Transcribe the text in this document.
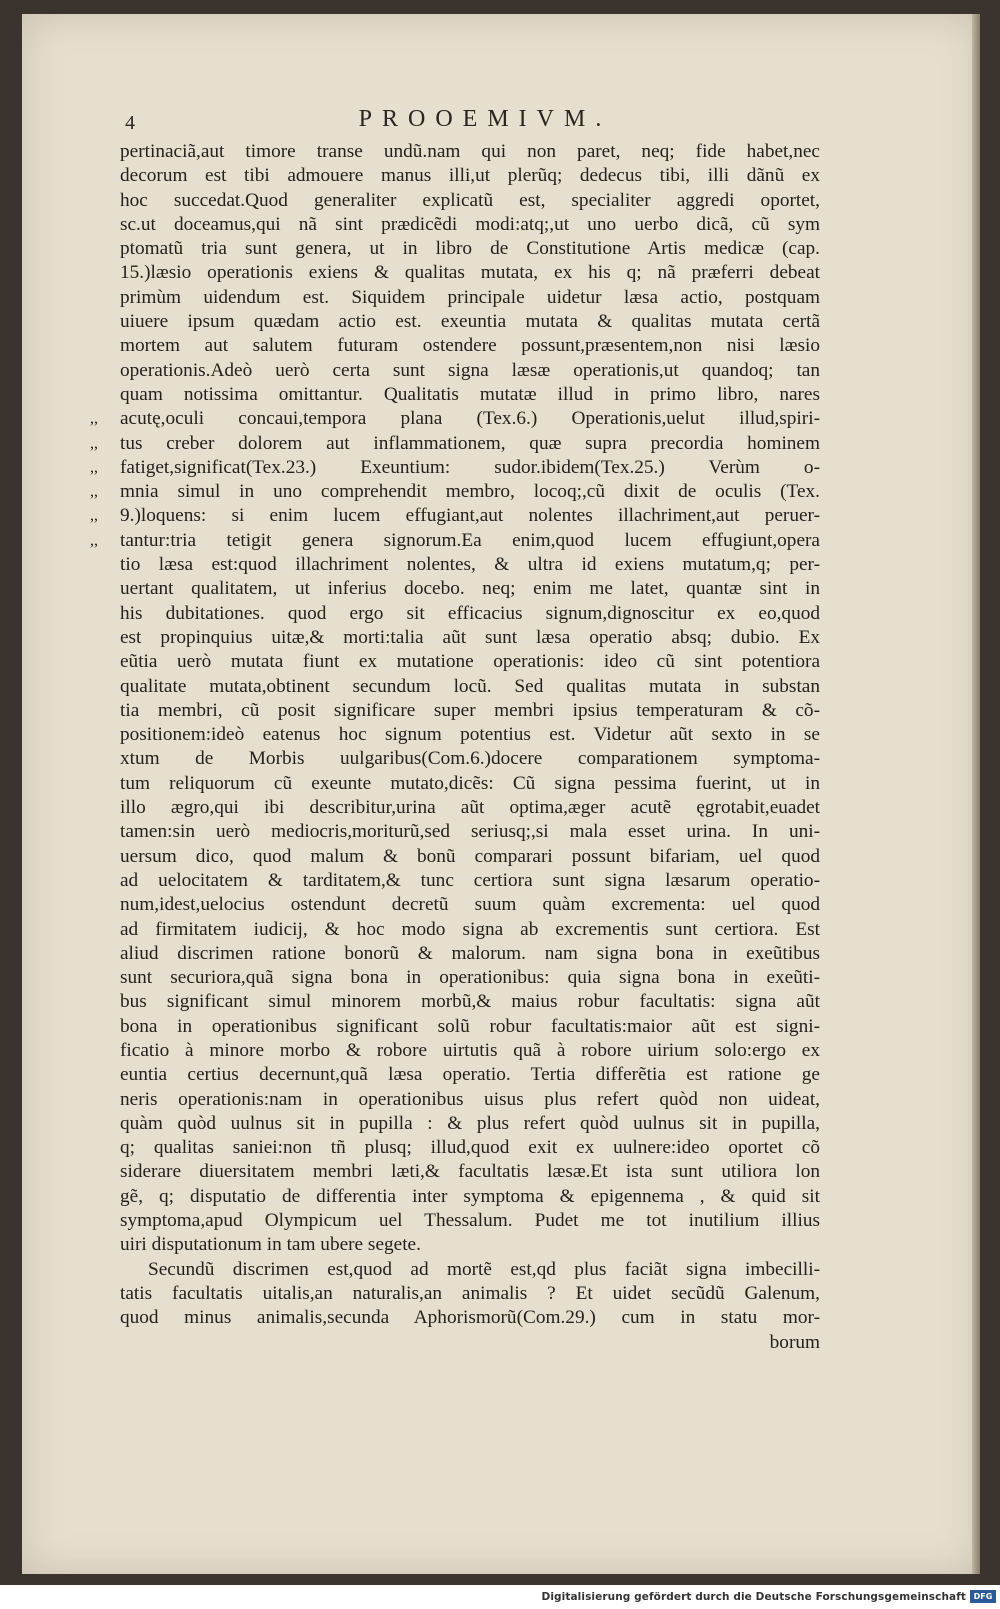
4	PROOEMIVM.
pertinaciã,aut timore transe undũ.nam qui non paret, neq; fide habet,nec
decorum est tibi admouere manus illi,ut plerũq; dedecus tibi, illi dãnũ ex
hoc succedat.Quod generaliter explicatũ est, specialiter aggredi oportet,
sc.ut doceamus,qui nã sint prædicẽdi modi:atq;,ut uno uerbo dicã, cũ sym
ptomatũ tria sunt genera, ut in libro de Constitutione Artis medicæ (cap.
15.)læsio operationis exiens & qualitas mutata, ex his q; nã præferri debeat
primùm uidendum est. Siquidem principale uidetur læsa actio, postquam
uiuere ipsum quædam actio est. exeuntia mutata & qualitas mutata certã
mortem aut salutem futuram ostendere possunt,præsentem,non nisi læsio
operationis.Adeò uerò certa sunt signa læsæ operationis,ut quandoq; tan
quam notissima omittantur. Qualitatis mutatæ illud in primo libro, nares
,, acutę,oculi concaui,tempora plana (Tex.6.) Operationis,uelut illud,spiri-
,, tus creber dolorem aut inflammationem, quæ supra precordia hominem
,, fatiget,significat(Tex.23.) Exeuntium: sudor.ibidem(Tex.25.) Verùm o-
,, mnia simul in uno comprehendit membro, locoq;,cũ dixit de oculis (Tex.
,, 9.)loquens: si enim lucem effugiant,aut nolentes illachriment,aut peruer-
,, tantur:tria tetigit genera signorum.Ea enim,quod lucem effugiunt,opera
tio læsa est:quod illachriment nolentes, & ultra id exiens mutatum,q; per-
uertant qualitatem, ut inferius docebo. neq; enim me latet, quantæ sint in
his dubitationes. quod ergo sit efficacius signum,dignoscitur ex eo,quod
est propinquius uitæ,& morti:talia aũt sunt læsa operatio absq; dubio. Ex
eũtia uerò mutata fiunt ex mutatione operationis: ideo cũ sint potentiora
qualitate mutata,obtinent secundum locũ. Sed qualitas mutata in substan
tia membri, cũ posit significare super membri ipsius temperaturam & cõ-
positionem:ideò eatenus hoc signum potentius est. Videtur aũt sexto in se
xtum de Morbis uulgaribus(Com.6.)docere comparationem symptoma-
tum reliquorum cũ exeunte mutato,dicẽs: Cũ signa pessima fuerint, ut in
illo ægro,qui ibi describitur,urina aũt optima,æger acutẽ ęgrotabit,euadet
tamen:sin uerò mediocris,moriturũ,sed seriusq;,si mala esset urina. In uni-
uersum dico, quod malum & bonũ comparari possunt bifariam, uel quod
ad uelocitatem & tarditatem,& tunc certiora sunt signa læsarum operatio-
num,idest,uelocius ostendunt decretũ suum quàm excrementa: uel quod
ad firmitatem iudicij, & hoc modo signa ab excrementis sunt certiora. Est
aliud discrimen ratione bonorũ & malorum. nam signa bona in exeũtibus
sunt securiora,quã signa bona in operationibus: quia signa bona in exeũti-
bus significant simul minorem morbũ,& maius robur facultatis: signa aũt
bona in operationibus significant solũ robur facultatis:maior aũt est signi-
ficatio à minore morbo & robore uirtutis quã à robore uirium solo:ergo ex
euntia certius decernunt,quã læsa operatio. Tertia differẽtia est ratione ge
neris operationis:nam in operationibus uisus plus refert quòd non uideat,
quàm quòd uulnus sit in pupilla : & plus refert quòd uulnus sit in pupilla,
q; qualitas saniei:non tñ plusq; illud,quod exit ex uulnere:ideo oportet cõ
siderare diuersitatem membri læti,& facultatis læsæ.Et ista sunt utiliora lon
gẽ, q; disputatio de differentia inter symptoma & epigennema , & quid sit
symptoma,apud Olympicum uel Thessalum. Pudet me tot inutilium illius
uiri disputationum in tam ubere segete.
Secundũ discrimen est,quod ad mortẽ est,qd plus faciãt signa imbecilli-
tatis facultatis uitalis,an naturalis,an animalis ? Et uidet secũdũ Galenum,
quod minus animalis,secunda Aphorismorũ(Com.29.) cum in statu mor-
borum
Digitalisierung gefördert durch die Deutsche Forschungsgemeinschaft DFG
